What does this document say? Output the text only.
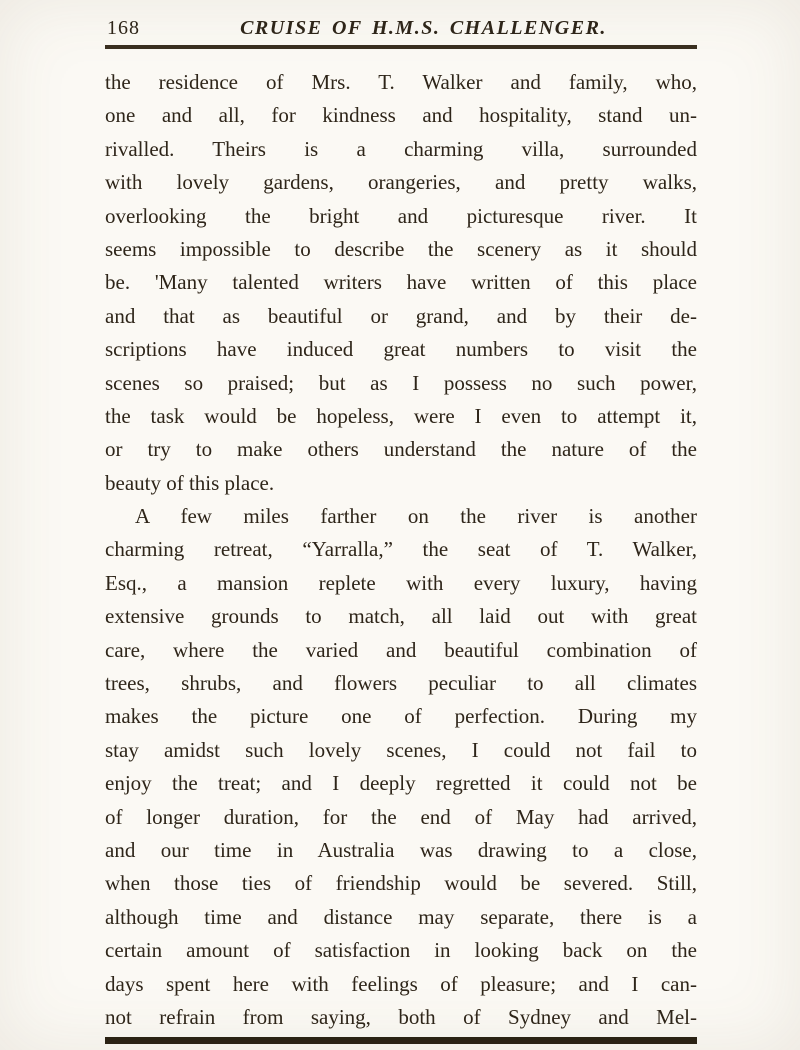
168	CRUISE OF H.M.S. CHALLENGER.
the residence of Mrs. T. Walker and family, who,
one and all, for kindness and hospitality, stand un-
rivalled. Theirs is a charming villa, surrounded
with lovely gardens, orangeries, and pretty walks,
overlooking the bright and picturesque river. It
seems impossible to describe the scenery as it should
be. 'Many talented writers have written of this place
and that as beautiful or grand, and by their de-
scriptions have induced great numbers to visit the
scenes so praised; but as I possess no such power,
the task would be hopeless, were I even to attempt it,
or try to make others understand the nature of the
beauty of this place.
A few miles farther on the river is another
charming retreat, “Yarralla,” the seat of T. Walker,
Esq., a mansion replete with every luxury, having
extensive grounds to match, all laid out with great
care, where the varied and beautiful combination of
trees, shrubs, and flowers peculiar to all climates
makes the picture one of perfection. During my
stay amidst such lovely scenes, I could not fail to
enjoy the treat; and I deeply regretted it could not be
of longer duration, for the end of May had arrived,
and our time in Australia was drawing to a close,
when those ties of friendship would be severed. Still,
although time and distance may separate, there is a
certain amount of satisfaction in looking back on the
days spent here with feelings of pleasure; and I can-
not refrain from saying, both of Sydney and Mel-
